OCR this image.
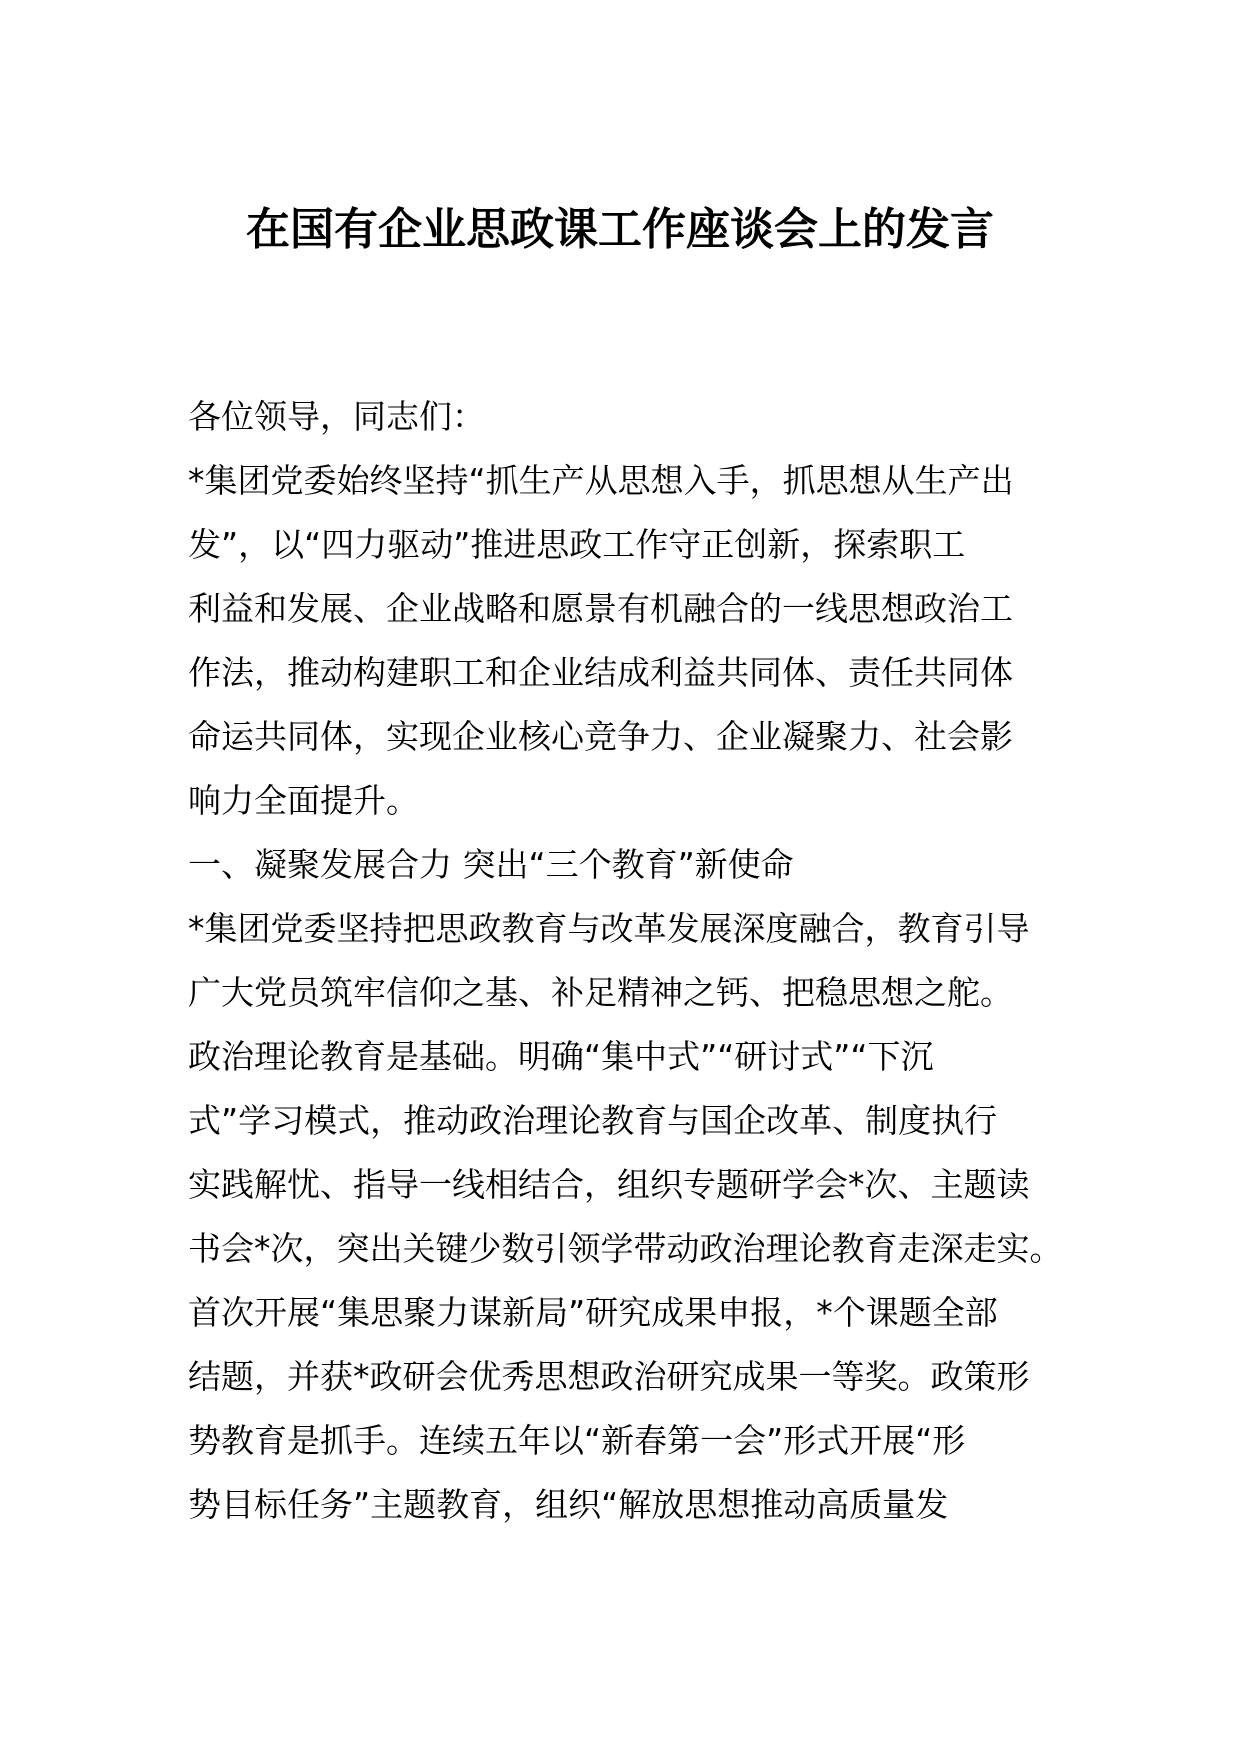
在国有企业思政课工作座谈会上的发言
各位领导，同志们：
*集团党委始终坚持“抓生产从思想入手，抓思想从生产出
发”，以“四力驱动”推进思政工作守正创新，探索职工
利益和发展、企业战略和愿景有机融合的一线思想政治工
作法，推动构建职工和企业结成利益共同体、责任共同体
命运共同体，实现企业核心竞争力、企业凝聚力、社会影
响力全面提升。
一、凝聚发展合力 突出“三个教育”新使命
*集团党委坚持把思政教育与改革发展深度融合，教育引导
广大党员筑牢信仰之基、补足精神之钙、把稳思想之舵。
政治理论教育是基础。明确“集中式”“研讨式”“下沉
式”学习模式，推动政治理论教育与国企改革、制度执行
实践解忧、指导一线相结合，组织专题研学会*次、主题读
书会*次，突出关键少数引领学带动政治理论教育走深走实。
首次开展“集思聚力谋新局”研究成果申报，*个课题全部
结题，并获*政研会优秀思想政治研究成果一等奖。政策形
势教育是抓手。连续五年以“新春第一会”形式开展“形
势目标任务”主题教育，组织“解放思想推动高质量发
